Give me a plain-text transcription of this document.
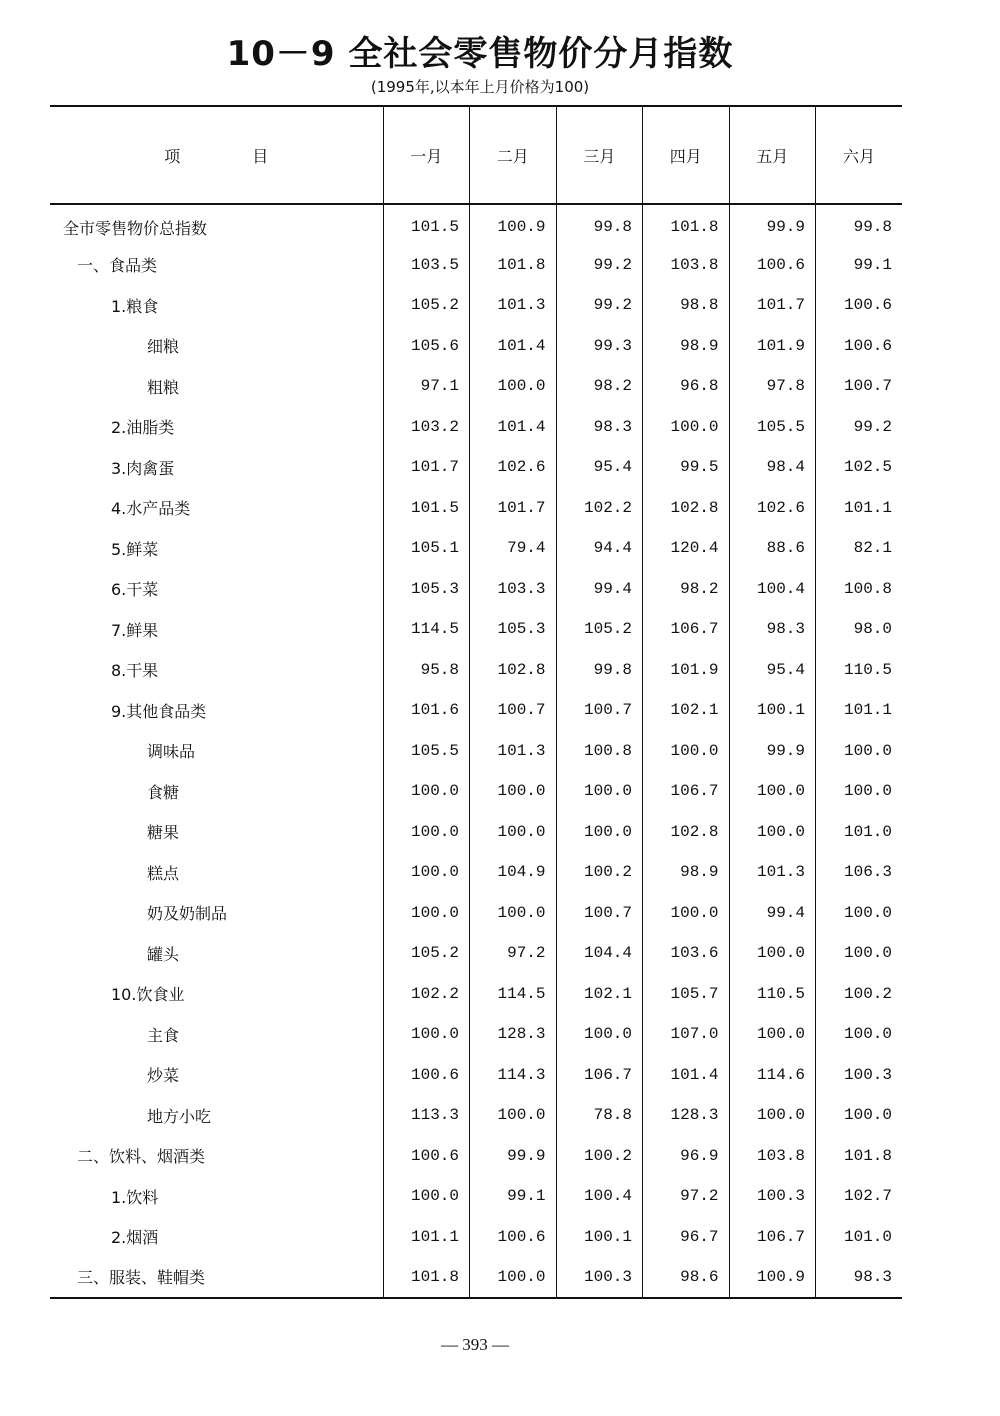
10－9 全社会零售物价分月指数
(1995年,以本年上月价格为100)
项 目	一月	二月	三月	四月	五月	六月
全市零售物价总指数	101.5	100.9	99.8	101.8	99.9	99.8
一、食品类	103.5	101.8	99.2	103.8	100.6	99.1
1.粮食	105.2	101.3	99.2	98.8	101.7	100.6
细粮	105.6	101.4	99.3	98.9	101.9	100.6
粗粮	97.1	100.0	98.2	96.8	97.8	100.7
2.油脂类	103.2	101.4	98.3	100.0	105.5	99.2
3.肉禽蛋	101.7	102.6	95.4	99.5	98.4	102.5
4.水产品类	101.5	101.7	102.2	102.8	102.6	101.1
5.鲜菜	105.1	79.4	94.4	120.4	88.6	82.1
6.干菜	105.3	103.3	99.4	98.2	100.4	100.8
7.鲜果	114.5	105.3	105.2	106.7	98.3	98.0
8.干果	95.8	102.8	99.8	101.9	95.4	110.5
9.其他食品类	101.6	100.7	100.7	102.1	100.1	101.1
调味品	105.5	101.3	100.8	100.0	99.9	100.0
食糖	100.0	100.0	100.0	106.7	100.0	100.0
糖果	100.0	100.0	100.0	102.8	100.0	101.0
糕点	100.0	104.9	100.2	98.9	101.3	106.3
奶及奶制品	100.0	100.0	100.7	100.0	99.4	100.0
罐头	105.2	97.2	104.4	103.6	100.0	100.0
10.饮食业	102.2	114.5	102.1	105.7	110.5	100.2
主食	100.0	128.3	100.0	107.0	100.0	100.0
炒菜	100.6	114.3	106.7	101.4	114.6	100.3
地方小吃	113.3	100.0	78.8	128.3	100.0	100.0
二、饮料、烟酒类	100.6	99.9	100.2	96.9	103.8	101.8
1.饮料	100.0	99.1	100.4	97.2	100.3	102.7
2.烟酒	101.1	100.6	100.1	96.7	106.7	101.0
三、服装、鞋帽类	101.8	100.0	100.3	98.6	100.9	98.3
— 393 —
